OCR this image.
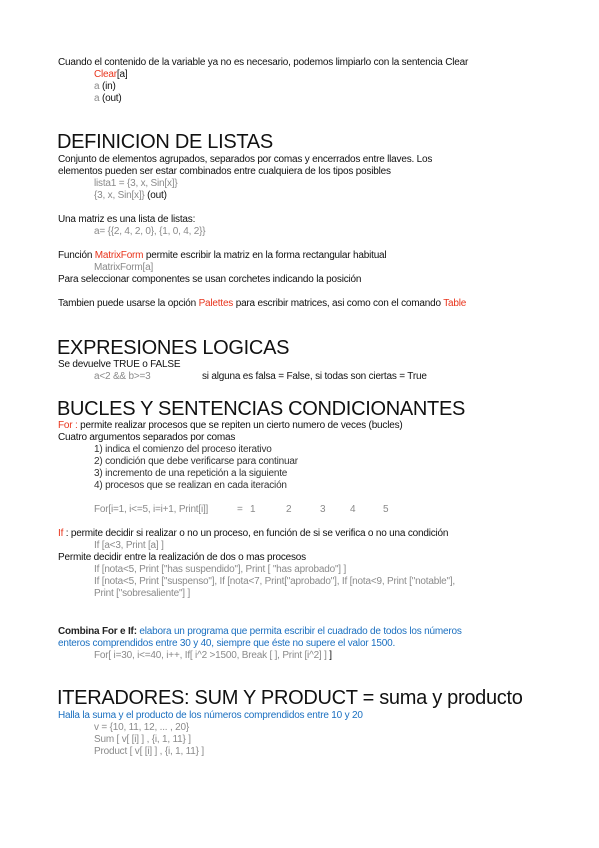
Cuando el contenido de la variable ya no es necesario, podemos limpiarlo con la sentencia Clear
Clear[a]
a (in)
a (out)
DEFINICION DE LISTAS
Conjunto de elementos agrupados, separados por comas y encerrados entre llaves. Los
elementos pueden ser estar combinados entre cualquiera de los tipos posibles
lista1 = {3, x, Sin[x]}
{3, x, Sin[x]} (out)
Una matriz es una lista de listas:
a= {{2, 4, 2, 0}, {1, 0, 4, 2}}
Función MatrixForm permite escribir la matriz en la forma rectangular habitual
MatrixForm[a]
Para seleccionar componentes se usan corchetes indicando la posición
Tambien puede usarse la opción Palettes para escribir matrices, asi como con el comando Table
EXPRESIONES LOGICAS
Se devuelve TRUE o FALSE
a<2 && b>=3	si alguna es falsa = False, si todas son ciertas = True
BUCLES Y SENTENCIAS CONDICIONANTES
For : permite realizar procesos que se repiten un cierto numero de veces (bucles)
Cuatro argumentos separados por comas
1) indica el comienzo del proceso iterativo
2) condición que debe verificarse para continuar
3) incremento de una repetición a la siguiente
4) procesos que se realizan en cada iteración
For[i=1, i<=5, i=i+1, Print[i]]	= 1	2	3 4	5
If : permite decidir si realizar o no un proceso, en función de si se verifica o no una condición
If [a<3, Print [a] ]
Permite decidir entre la realización de dos o mas procesos
If [nota<5, Print ["has suspendido"], Print [ "has aprobado"] ]
If [nota<5, Print ["suspenso"], If [nota<7, Print["aprobado"], If [nota<9, Print ["notable"],
Print ["sobresaliente"] ]
Combina For e If: elabora un programa que permita escribir el cuadrado de todos los números
enteros comprendidos entre 30 y 40, siempre que éste no supere el valor 1500.
For[ i=30, i<=40, i++, If[ i^2 >1500, Break [ ], Print [i^2] ] ]
ITERADORES: SUM Y PRODUCT = suma y producto
Halla la suma y el producto de los números comprendidos entre 10 y 20
v = {10, 11, 12, ... , 20}
Sum [ v[ [i] ] , {i, 1, 11} ]
Product [ v[ [i] ] , {i, 1, 11} ]
